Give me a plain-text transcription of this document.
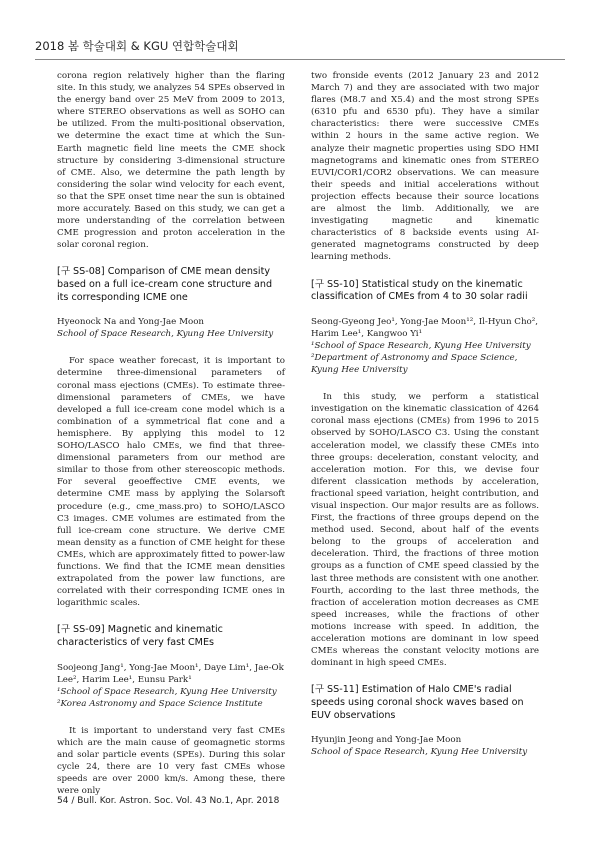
2018 봄 학술대회 & KGU 연합학술대회

corona region relatively higher than the flaring site. In this study, we analyzes 54 SPEs observed in the energy band over 25 MeV from 2009 to 2013, where STEREO observations as well as SOHO can be utilized. From the multi-positional observation, we determine the exact time at which the Sun-Earth magnetic field line meets the CME shock structure by considering 3-dimensional structure of CME. Also, we determine the path length by considering the solar wind velocity for each event, so that the SPE onset time near the sun is obtained more accurately. Based on this study, we can get a more understanding of the correlation between CME progression and proton acceleration in the solar coronal region.

[구 SS-08] Comparison of CME mean density based on a full ice-cream cone structure and its corresponding ICME one

Hyeonock Na and Yong-Jae Moon

School of Space Research, Kyung Hee University

For space weather forecast, it is important to determine three-dimensional parameters of coronal mass ejections (CMEs). To estimate three-dimensional parameters of CMEs, we have developed a full ice-cream cone model which is a combination of a symmetrical flat cone and a hemisphere. By applying this model to 12 SOHO/LASCO halo CMEs, we find that three-dimensional parameters from our method are similar to those from other stereoscopic methods. For several geoeffective CME events, we determine CME mass by applying the Solarsoft procedure (e.g., cme_mass.pro) to SOHO/LASCO C3 images. CME volumes are estimated from the full ice-cream cone structure. We derive CME mean density as a function of CME height for these CMEs, which are approximately fitted to power-law functions. We find that the ICME mean densities extrapolated from the power law functions, are correlated with their corresponding ICME ones in logarithmic scales.

[구 SS-09] Magnetic and kinematic characteristics of very fast CMEs

Soojeong Jang¹, Yong-Jae Moon¹, Daye Lim¹, Jae-Ok Lee², Harim Lee¹, Eunsu Park¹

¹School of Space Research, Kyung Hee University

²Korea Astronomy and Space Science Institute

It is important to understand very fast CMEs which are the main cause of geomagnetic storms and solar particle events (SPEs). During this solar cycle 24, there are 10 very fast CMEs whose speeds are over 2000 km/s. Among these, there were only

two fronside events (2012 January 23 and 2012 March 7) and they are associated with two major flares (M8.7 and X5.4) and the most strong SPEs (6310 pfu and 6530 pfu). They have a similar characteristics: there were successive CMEs within 2 hours in the same active region. We analyze their magnetic properties using SDO HMI magnetograms and kinematic ones from STEREO EUVI/COR1/COR2 observations. We can measure their speeds and initial accelerations without projection effects because their source locations are almost the limb. Additionally, we are investigating magnetic and kinematic characteristics of 8 backside events using AI-generated magnetograms constructed by deep learning methods.

[구 SS-10] Statistical study on the kinematic classification of CMEs from 4 to 30 solar radii

Seong-Gyeong Jeo¹, Yong-Jae Moon¹², Il-Hyun Cho², Harim Lee¹, Kangwoo Yi¹

¹School of Space Research, Kyung Hee University

²Department of Astronomy and Space Science, Kyung Hee University

In this study, we perform a statistical investigation on the kinematic classication of 4264 coronal mass ejections (CMEs) from 1996 to 2015 observed by SOHO/LASCO C3. Using the constant acceleration model, we classify these CMEs into three groups: deceleration, constant velocity, and acceleration motion. For this, we devise four diferent classication methods by acceleration, fractional speed variation, height contribution, and visual inspection. Our major results are as follows. First, the fractions of three groups depend on the method used. Second, about half of the events belong to the groups of acceleration and deceleration. Third, the fractions of three motion groups as a function of CME speed classied by the last three methods are consistent with one another. Fourth, according to the last three methods, the fraction of acceleration motion decreases as CME speed increases, while the fractions of other motions increase with speed. In addition, the acceleration motions are dominant in low speed CMEs whereas the constant velocity motions are dominant in high speed CMEs.

[구 SS-11] Estimation of Halo CME's radial speeds using coronal shock waves based on EUV observations

Hyunjin Jeong and Yong-Jae Moon

School of Space Research, Kyung Hee University

54 / Bull. Kor. Astron. Soc. Vol. 43 No.1, Apr. 2018
